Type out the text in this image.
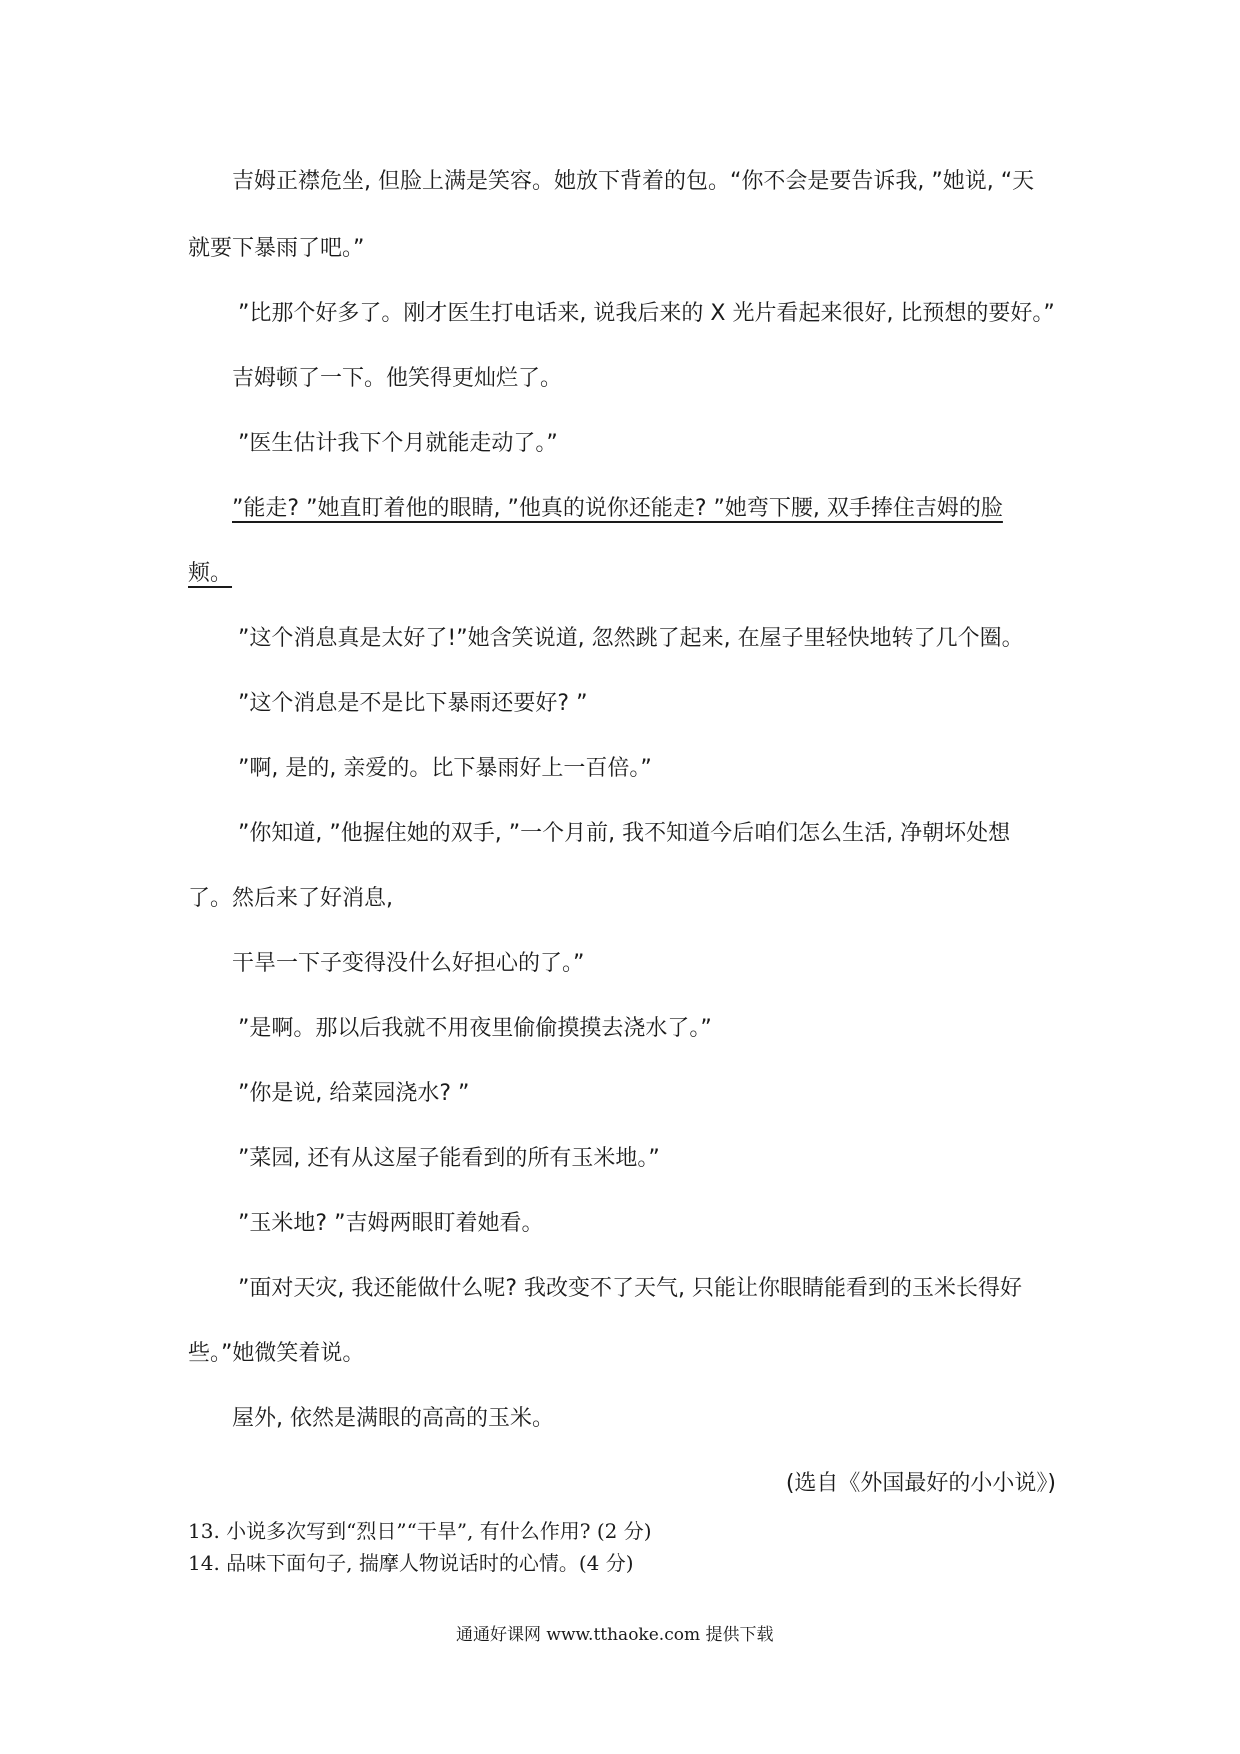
吉姆正襟危坐, 但脸上满是笑容。她放下背着的包。“你不会是要告诉我, ”她说, “天
就要下暴雨了吧。”
”比那个好多了。刚才医生打电话来, 说我后来的 X 光片看起来很好, 比预想的要好。”
吉姆顿了一下。他笑得更灿烂了。
”医生估计我下个月就能走动了。”
”能走? ”她直盯着他的眼睛, ”他真的说你还能走? ”她弯下腰, 双手捧住吉姆的脸
颊。
”这个消息真是太好了!”她含笑说道, 忽然跳了起来, 在屋子里轻快地转了几个圈。
”这个消息是不是比下暴雨还要好? ”
”啊, 是的, 亲爱的。比下暴雨好上一百倍。”
”你知道, ”他握住她的双手, ”一个月前, 我不知道今后咱们怎么生活, 净朝坏处想
了。然后来了好消息,
干旱一下子变得没什么好担心的了。”
”是啊。那以后我就不用夜里偷偷摸摸去浇水了。”
”你是说, 给菜园浇水? ”
”菜园, 还有从这屋子能看到的所有玉米地。”
”玉米地? ”吉姆两眼盯着她看。
”面对天灾, 我还能做什么呢? 我改变不了天气, 只能让你眼睛能看到的玉米长得好
些。”她微笑着说。
屋外, 依然是满眼的高高的玉米。
(选自《外国最好的小小说》)
13. 小说多次写到“烈日”“干旱”, 有什么作用? (2 分)
14. 品味下面句子, 揣摩人物说话时的心情。(4 分)
通通好课网 www.tthaoke.com 提供下载
